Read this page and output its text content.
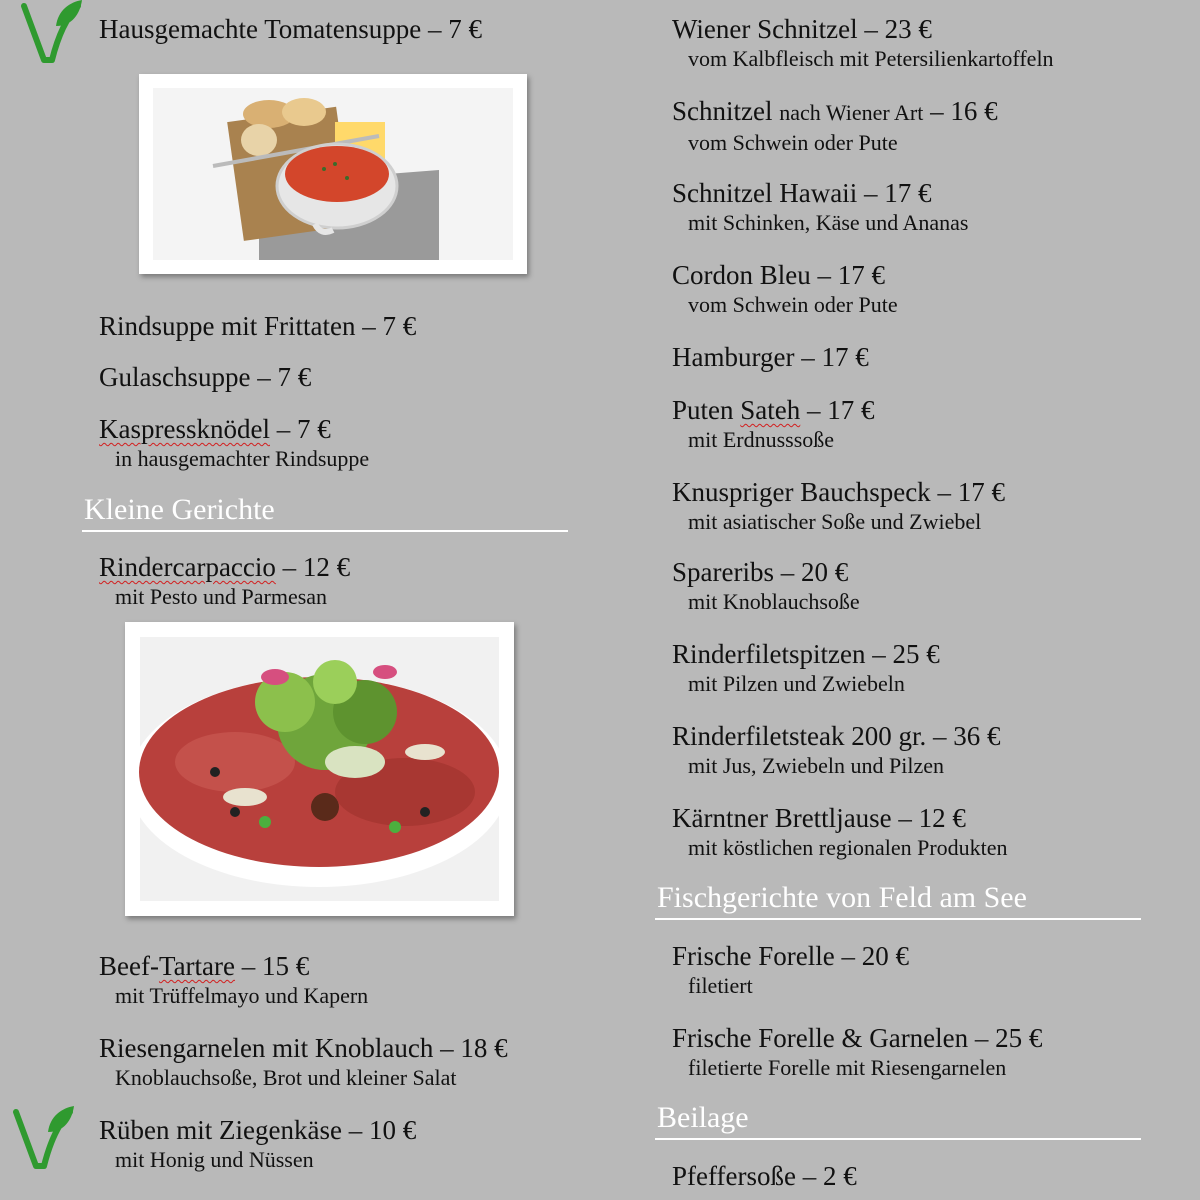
Hausgemachte Tomatensuppe – 7 €
Rindsuppe mit Frittaten – 7 €
Gulaschsuppe – 7 €
Kaspressknödel – 7 €
in hausgemachter Rindsuppe
Kleine Gerichte
Rindercarpaccio – 12 €
mit Pesto und Parmesan
Beef-Tartare – 15 €
mit Trüffelmayo und Kapern
Riesengarnelen mit Knoblauch – 18 €
Knoblauchsoße, Brot und kleiner Salat
Rüben mit Ziegenkäse – 10 €
mit Honig und Nüssen
Wiener Schnitzel – 23 €
vom Kalbfleisch mit Petersilienkartoffeln
Schnitzel nach Wiener Art – 16 €
vom Schwein oder Pute
Schnitzel Hawaii – 17 €
mit Schinken, Käse und Ananas
Cordon Bleu – 17 €
vom Schwein oder Pute
Hamburger – 17 €
Puten Sateh – 17 €
mit Erdnusssoße
Knuspriger Bauchspeck – 17 €
mit asiatischer Soße und Zwiebel
Spareribs – 20 €
mit Knoblauchsoße
Rinderfiletspitzen – 25 €
mit Pilzen und Zwiebeln
Rinderfiletsteak 200 gr. – 36 €
mit Jus, Zwiebeln und Pilzen
Kärntner Brettljause – 12 €
mit köstlichen regionalen Produkten
Fischgerichte von Feld am See
Frische Forelle – 20 €
filetiert
Frische Forelle & Garnelen – 25 €
filetierte Forelle mit Riesengarnelen
Beilage
Pfeffersoße – 2 €
